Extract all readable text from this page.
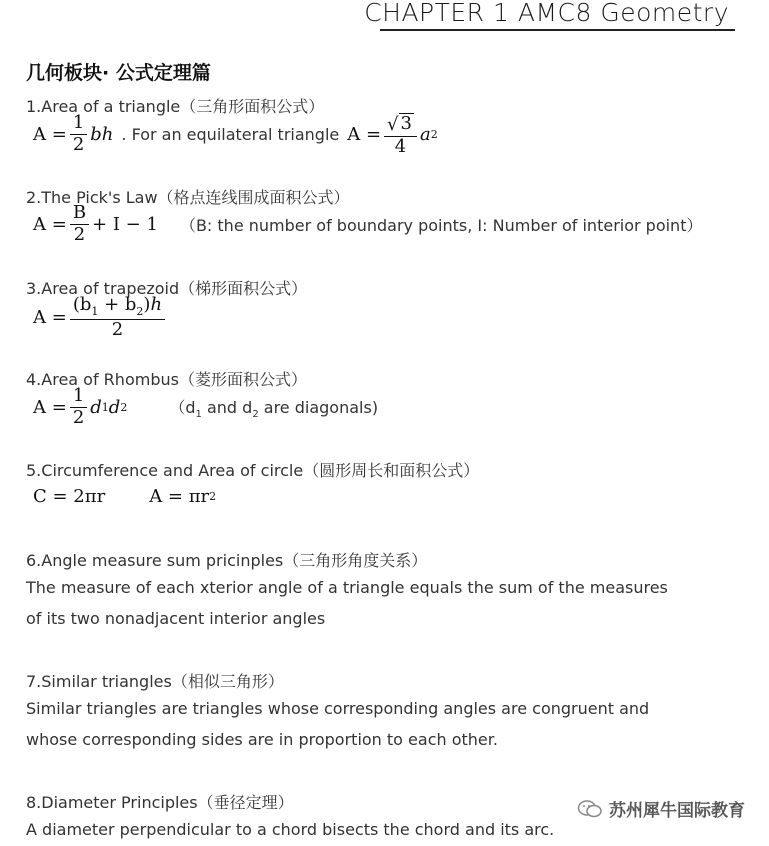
CHAPTER 1 AMC8 Geometry
几何板块· 公式定理篇
1.Area of a triangle（三角形面积公式）
$A = \frac{1}{2}$ bh . For an equilateral triangle $A = \frac{√ 3}{4}$ a 2
2.The Pick's Law（格点连线围成面积公式）
$A = \frac{B}{2} + I - 1$ （B: the number of boundary points, I: Number of interior point）
3.Area of trapezoid（梯形面积公式）
$A = \frac{(b_1 + b_2)h}{2}$
4.Area of Rhombus（菱形面积公式）
$A = \frac{1}{2}$ d 1 d 2	（$d_1$ and $d_2$ are diagonals)
5.Circumference and Area of circle（圆形周长和面积公式）
C = 2πr A = πr 2
6.Angle measure sum pricinples（三角形角度关系）
The measure of each xterior angle of a triangle equals the sum of the measures of its two nonadjacent interior angles
7.Similar triangles（相似三角形）
Similar triangles are triangles whose corresponding angles are congruent and whose corresponding sides are in proportion to each other.
8.Diameter Principles（垂径定理）
A diameter perpendicular to a chord bisects the chord and its arc.
苏州犀牛国际教育
